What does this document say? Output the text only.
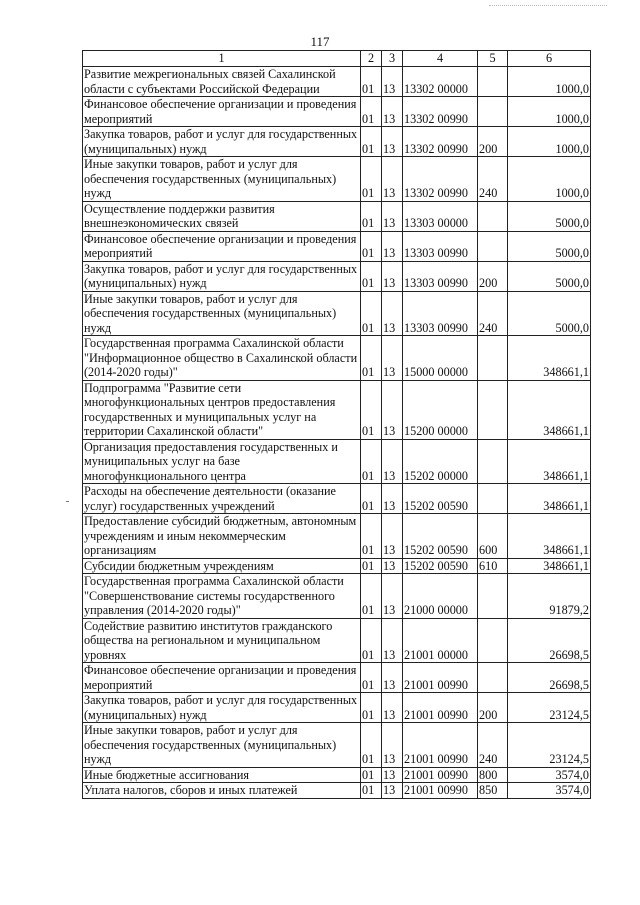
117
1	2	3	4	5	6
Развитие межрегиональных связей Сахалинской области с субъектами Российской Федерации	01	13	13302 00000		1000,0
Финансовое обеспечение организации и проведения мероприятий	01	13	13302 00990		1000,0
Закупка товаров, работ и услуг для государственных (муниципальных) нужд	01	13	13302 00990	200	1000,0
Иные закупки товаров, работ и услуг для обеспечения государственных (муниципальных) нужд	01	13	13302 00990	240	1000,0
Осуществление поддержки развития внешнеэкономических связей	01	13	13303 00000		5000,0
Финансовое обеспечение организации и проведения мероприятий	01	13	13303 00990		5000,0
Закупка товаров, работ и услуг для государственных (муниципальных) нужд	01	13	13303 00990	200	5000,0
Иные закупки товаров, работ и услуг для обеспечения государственных (муниципальных) нужд	01	13	13303 00990	240	5000,0
Государственная программа Сахалинской области "Информационное общество в Сахалинской области (2014-2020 годы)"	01	13	15000 00000		348661,1
Подпрограмма "Развитие сети многофункциональных центров предоставления государственных и муниципальных услуг на территории Сахалинской области"	01	13	15200 00000		348661,1
Организация предоставления государственных и муниципальных услуг на базе многофункционального центра	01	13	15202 00000		348661,1
Расходы на обеспечение деятельности (оказание услуг) государственных учреждений	01	13	15202 00590		348661,1
Предоставление субсидий бюджетным, автономным учреждениям и иным некоммерческим организациям	01	13	15202 00590	600	348661,1
Субсидии бюджетным учреждениям	01	13	15202 00590	610	348661,1
Государственная программа Сахалинской области "Совершенствование системы государственного управления (2014-2020 годы)"	01	13	21000 00000		91879,2
Содействие развитию институтов гражданского общества на региональном и муниципальном уровнях	01	13	21001 00000		26698,5
Финансовое обеспечение организации и проведения мероприятий	01	13	21001 00990		26698,5
Закупка товаров, работ и услуг для государственных (муниципальных) нужд	01	13	21001 00990	200	23124,5
Иные закупки товаров, работ и услуг для обеспечения государственных (муниципальных) нужд	01	13	21001 00990	240	23124,5
Иные бюджетные ассигнования	01	13	21001 00990	800	3574,0
Уплата налогов, сборов и иных платежей	01	13	21001 00990	850	3574,0
